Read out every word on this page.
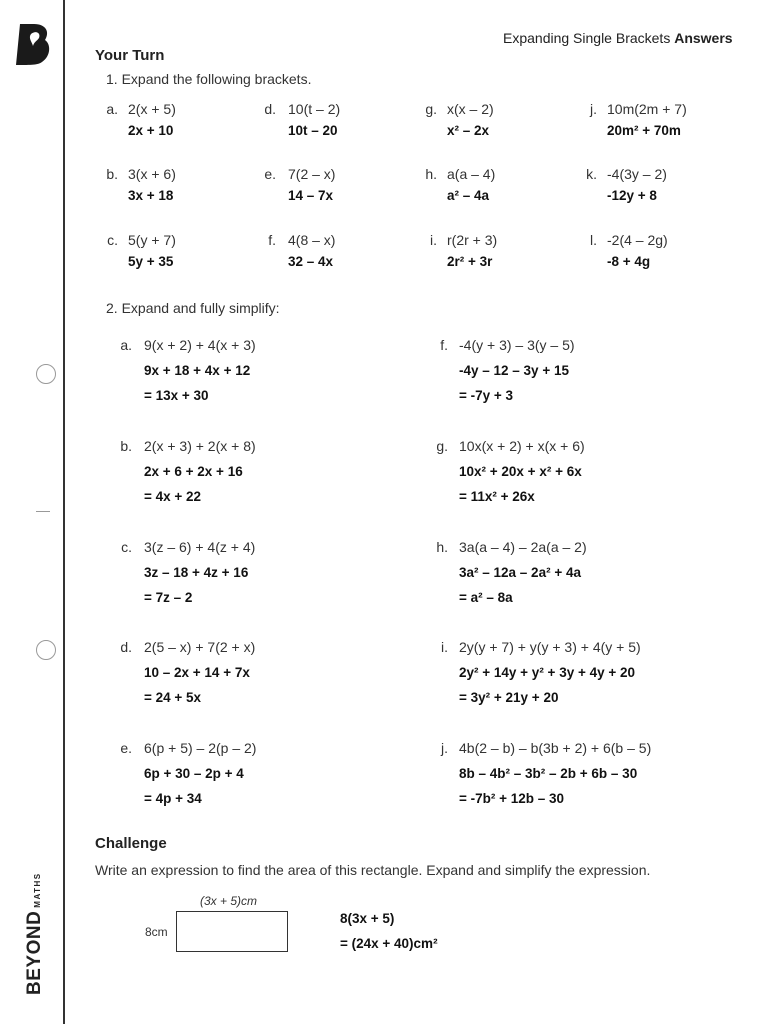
BEYONDMATHS
Expanding Single Brackets Answers
Your Turn
1. Expand the following brackets.
a. 2(x + 5)
2x + 10
d. 10(t – 2)
10t – 20
g. x(x – 2)
x² – 2x
j. 10m(2m + 7)
20m² + 70m
b. 3(x + 6)
3x + 18
e. 7(2 – x)
14 – 7x
h. a(a – 4)
a² – 4a
k. -4(3y – 2)
-12y + 8
c. 5(y + 7)
5y + 35
f. 4(8 – x)
32 – 4x
i. r(2r + 3)
2r² + 3r
l. -2(4 – 2g)
-8 + 4g
2. Expand and fully simplify:
a. 9(x + 2) + 4(x + 3)
9x + 18 + 4x + 12
= 13x + 30
f. -4(y + 3) – 3(y – 5)
-4y – 12 – 3y + 15
= -7y + 3
b. 2(x + 3) + 2(x + 8)
2x + 6 + 2x + 16
= 4x + 22
g. 10x(x + 2) + x(x + 6)
10x² + 20x + x² + 6x
= 11x² + 26x
c. 3(z – 6) + 4(z + 4)
3z – 18 + 4z + 16
= 7z – 2
h. 3a(a – 4) – 2a(a – 2)
3a² – 12a – 2a² + 4a
= a² – 8a
d. 2(5 – x) + 7(2 + x)
10 – 2x + 14 + 7x
= 24 + 5x
i. 2y(y + 7) + y(y + 3) + 4(y + 5)
2y² + 14y + y² + 3y + 4y + 20
= 3y² + 21y + 20
e. 6(p + 5) – 2(p – 2)
6p + 30 – 2p + 4
= 4p + 34
j. 4b(2 – b) – b(3b + 2) + 6(b – 5)
8b – 4b² – 3b² – 2b + 6b – 30
= -7b² + 12b – 30
Challenge
Write an expression to find the area of this rectangle. Expand and simplify the expression.
(3x + 5)cm
8cm
8(3x + 5)
= (24x + 40)cm²
